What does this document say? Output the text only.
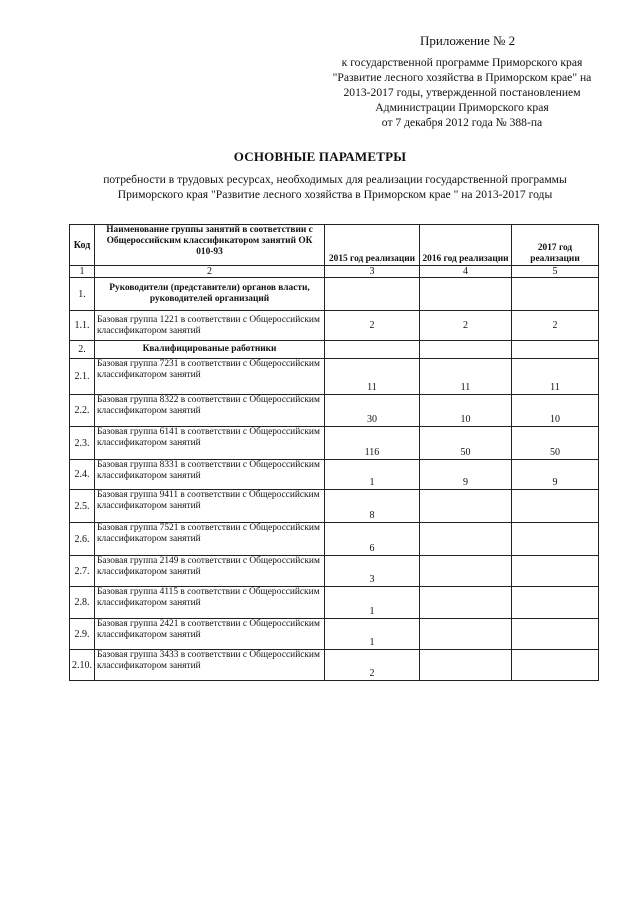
Приложение № 2
к государственной программе Приморского края
"Развитие лесного хозяйства в Приморском крае" на
2013-2017 годы, утвержденной постановлением
Администрации Приморского края
от 7 декабря 2012 года № 388-па
ОСНОВНЫЕ ПАРАМЕТРЫ
потребности в трудовых ресурсах, необходимых для реализации государственной программы
Приморского края "Развитие лесного хозяйства в Приморском крае " на 2013-2017 годы
Код	Наименование группы занятий в соответствии с Общероссийским классификатором занятий ОК 010-93	2015 год реализации	2016 год реализации	2017 год реализации
1	2	3	4	5
1.	Руководители (представители) органов власти, руководителей организаций			
1.1.	Базовая группа 1221 в соответствии с Общероссийским классификатором занятий	2	2	2
2.	Квалифицированые работники			
2.1.	Базовая группа 7231 в соответствии с Общероссийским классификатором занятий	11	11	11
2.2.	Базовая группа 8322 в соответствии с Общероссийским классификатором занятий	30	10	10
2.3.	Базовая группа 6141 в соответствии с Общероссийским классификатором занятий	116	50	50
2.4.	Базовая группа 8331 в соответствии с Общероссийским классификатором занятий	1	9	9
2.5.	Базовая группа 9411 в соответствии с Общероссийским классификатором занятий	8		
2.6.	Базовая группа 7521 в соответствии с Общероссийским классификатором занятий	6		
2.7.	Базовая группа 2149 в соответствии с Общероссийским классификатором занятий	3		
2.8.	Базовая группа 4115 в соответствии с Общероссийским классификатором занятий	1		
2.9.	Базовая группа 2421 в соответствии с Общероссийским классификатором занятий	1		
2.10.	Базовая группа 3433 в соответствии с Общероссийским классификатором занятий	2		
